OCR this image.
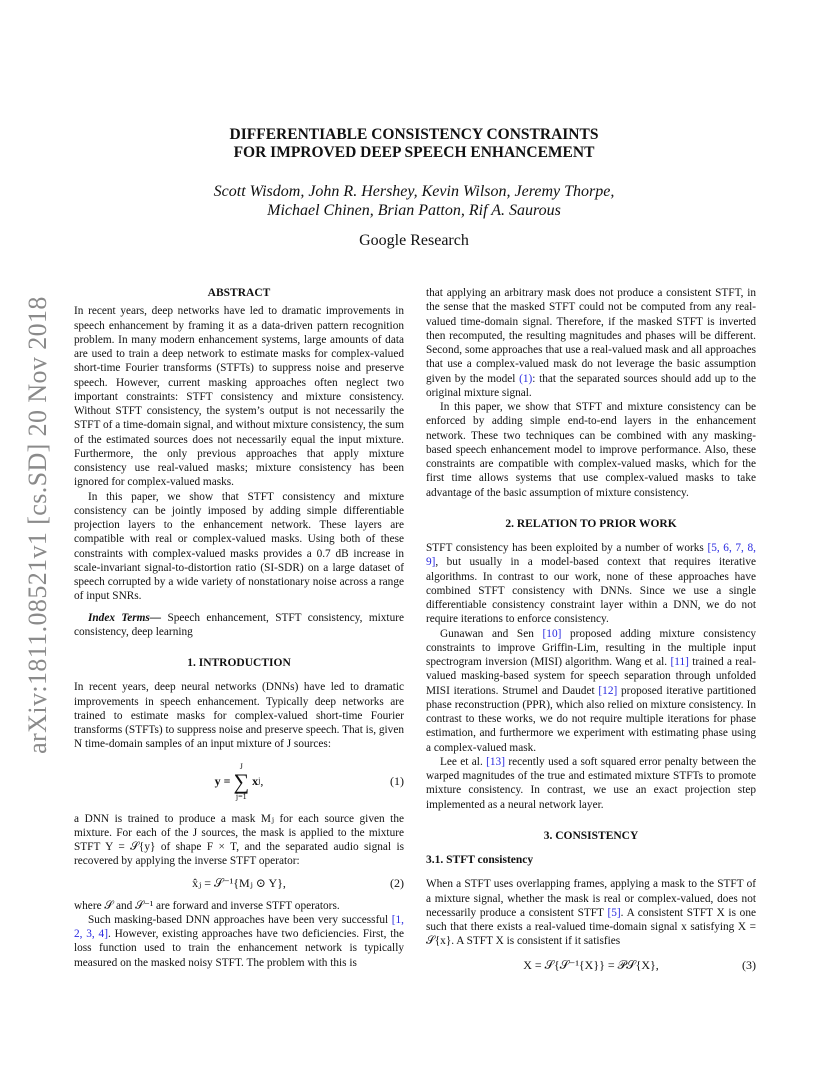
arXiv:1811.08521v1 [cs.SD] 20 Nov 2018
DIFFERENTIABLE CONSISTENCY CONSTRAINTS
FOR IMPROVED DEEP SPEECH ENHANCEMENT
Scott Wisdom, John R. Hershey, Kevin Wilson, Jeremy Thorpe,
Michael Chinen, Brian Patton, Rif A. Saurous
Google Research

ABSTRACT

In recent years, deep networks have led to dramatic improvements in speech enhancement by framing it as a data-driven pattern recognition problem. In many modern enhancement systems, large amounts of data are used to train a deep network to estimate masks for complex-valued short-time Fourier transforms (STFTs) to suppress noise and preserve speech. However, current masking approaches often neglect two important constraints: STFT consistency and mixture consistency. Without STFT consistency, the system’s output is not necessarily the STFT of a time-domain signal, and without mixture consistency, the sum of the estimated sources does not necessarily equal the input mixture. Furthermore, the only previous approaches that apply mixture consistency use real-valued masks; mixture consistency has been ignored for complex-valued masks.

In this paper, we show that STFT consistency and mixture consistency can be jointly imposed by adding simple differentiable projection layers to the enhancement network. These layers are compatible with real or complex-valued masks. Using both of these constraints with complex-valued masks provides a 0.7 dB increase in scale-invariant signal-to-distortion ratio (SI-SDR) on a large dataset of speech corrupted by a wide variety of nonstationary noise across a range of input SNRs.

Index Terms— Speech enhancement, STFT consistency, mixture consistency, deep learning

1. INTRODUCTION

In recent years, deep neural networks (DNNs) have led to dramatic improvements in speech enhancement. Typically deep networks are trained to estimate masks for complex-valued short-time Fourier transforms (STFTs) to suppress noise and preserve speech. That is, given N time-domain samples of an input mixture of J sources:

y =
J
∑
j=1
x j ,	(1)

a DNN is trained to produce a mask Mⱼ for each source given the mixture. For each of the J sources, the mask is applied to the mixture STFT Y = 𝒮{y} of shape F × T, and the separated audio signal is recovered by applying the inverse STFT operator:

x̂ⱼ = 𝒮⁻¹{Mⱼ ⊙ Y},	(2)

where 𝒮 and 𝒮⁻¹ are forward and inverse STFT operators.

Such masking-based DNN approaches have been very successful [1, 2, 3, 4]. However, existing approaches have two deficiencies. First, the loss function used to train the enhancement network is typically measured on the masked noisy STFT. The problem with this is

that applying an arbitrary mask does not produce a consistent STFT, in the sense that the masked STFT could not be computed from any real-valued time-domain signal. Therefore, if the masked STFT is inverted then recomputed, the resulting magnitudes and phases will be different. Second, some approaches that use a real-valued mask and all approaches that use a complex-valued mask do not leverage the basic assumption given by the model (1): that the separated sources should add up to the original mixture signal.

In this paper, we show that STFT and mixture consistency can be enforced by adding simple end-to-end layers in the enhancement network. These two techniques can be combined with any masking-based speech enhancement model to improve performance. Also, these constraints are compatible with complex-valued masks, which for the first time allows systems that use complex-valued masks to take advantage of the basic assumption of mixture consistency.

2. RELATION TO PRIOR WORK

STFT consistency has been exploited by a number of works [5, 6, 7, 8, 9], but usually in a model-based context that requires iterative algorithms. In contrast to our work, none of these approaches have combined STFT consistency with DNNs. Since we use a single differentiable consistency constraint layer within a DNN, we do not require iterations to enforce consistency.

Gunawan and Sen [10] proposed adding mixture consistency constraints to improve Griffin-Lim, resulting in the multiple input spectrogram inversion (MISI) algorithm. Wang et al. [11] trained a real-valued masking-based system for speech separation through unfolded MISI iterations. Strumel and Daudet [12] proposed iterative partitioned phase reconstruction (PPR), which also relied on mixture consistency. In contrast to these works, we do not require multiple iterations for phase estimation, and furthermore we experiment with estimating phase using a complex-valued mask.

Lee et al. [13] recently used a soft squared error penalty between the warped magnitudes of the true and estimated mixture STFTs to promote mixture consistency. In contrast, we use an exact projection step implemented as a neural network layer.

3. CONSISTENCY

3.1. STFT consistency

When a STFT uses overlapping frames, applying a mask to the STFT of a mixture signal, whether the mask is real or complex-valued, does not necessarily produce a consistent STFT [5]. A consistent STFT X is one such that there exists a real-valued time-domain signal x satisfying X = 𝒮{x}. A STFT X is consistent if it satisfies

X = 𝒮{𝒮⁻¹{X}} = 𝒫𝒮{X},	(3)
